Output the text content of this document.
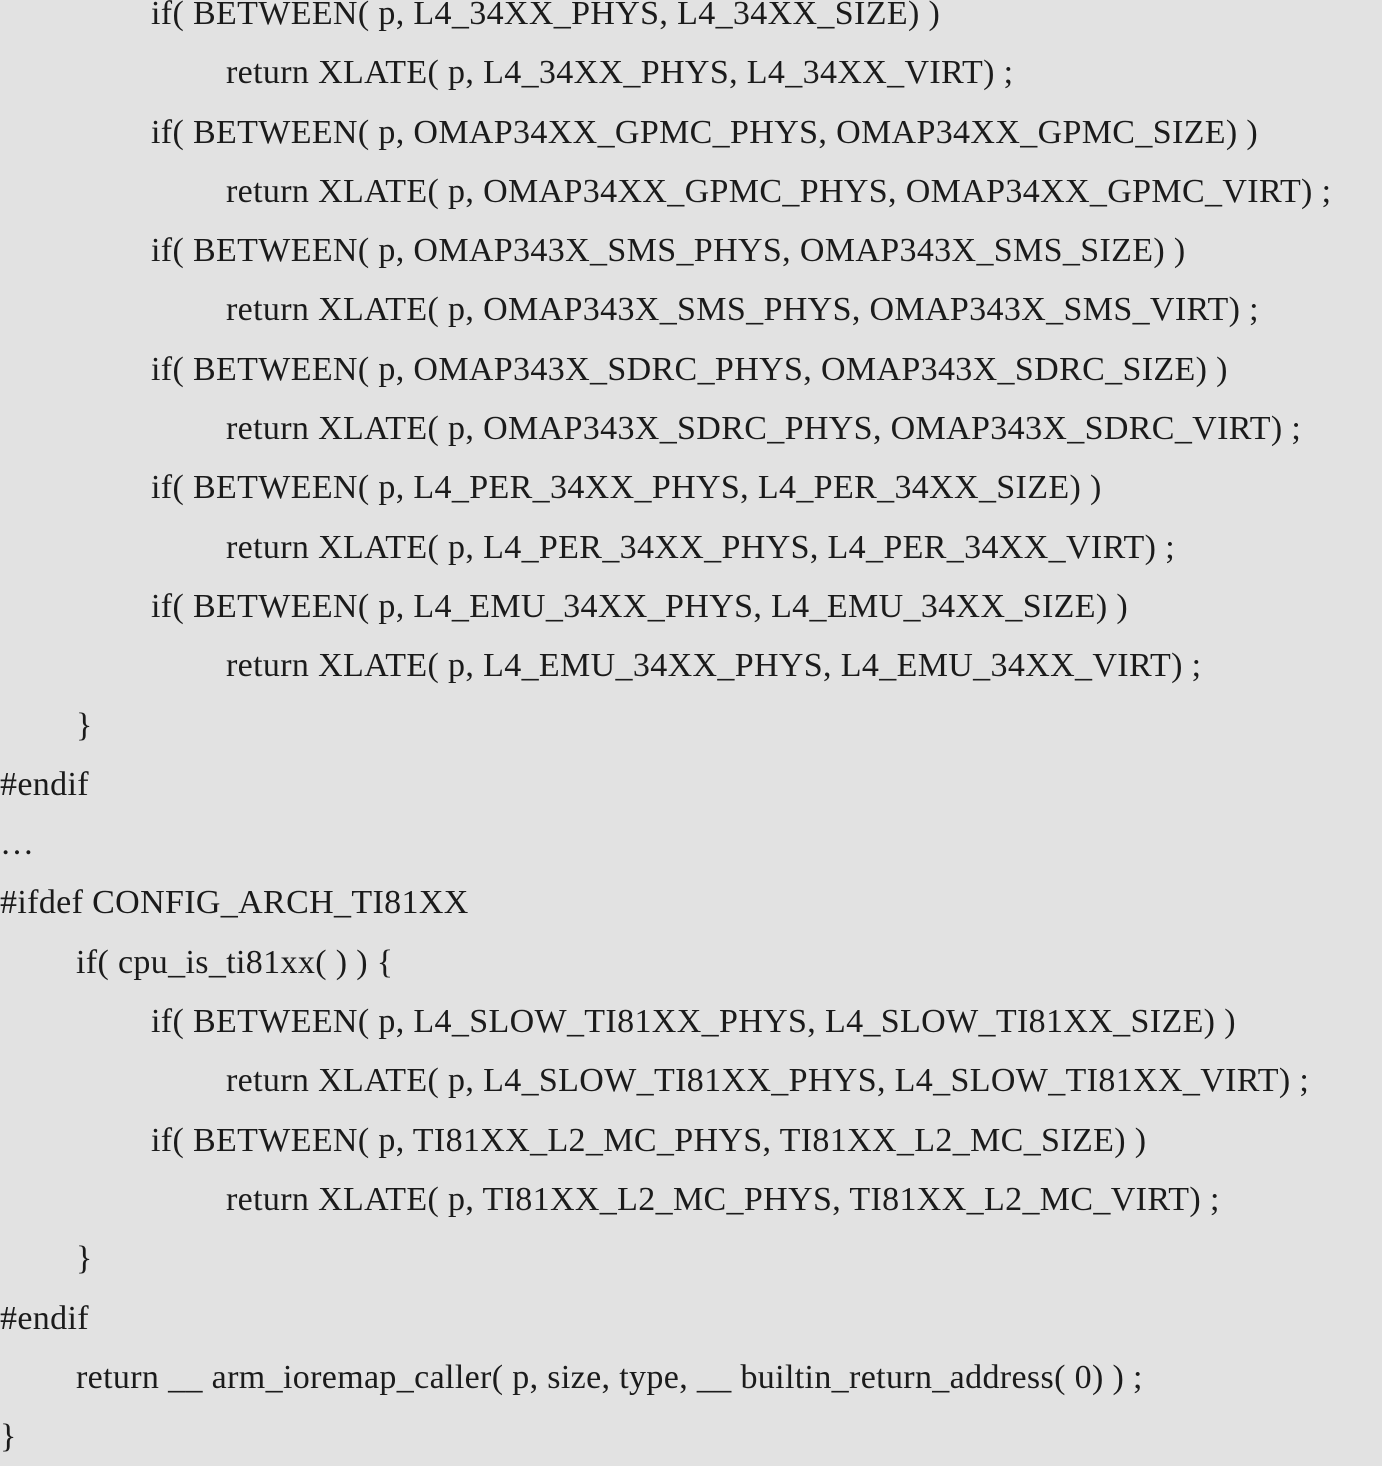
if( BETWEEN( p, L4_34XX_PHYS, L4_34XX_SIZE) )
return XLATE( p, L4_34XX_PHYS, L4_34XX_VIRT) ;
if( BETWEEN( p, OMAP34XX_GPMC_PHYS, OMAP34XX_GPMC_SIZE) )
return XLATE( p, OMAP34XX_GPMC_PHYS, OMAP34XX_GPMC_VIRT) ;
if( BETWEEN( p, OMAP343X_SMS_PHYS, OMAP343X_SMS_SIZE) )
return XLATE( p, OMAP343X_SMS_PHYS, OMAP343X_SMS_VIRT) ;
if( BETWEEN( p, OMAP343X_SDRC_PHYS, OMAP343X_SDRC_SIZE) )
return XLATE( p, OMAP343X_SDRC_PHYS, OMAP343X_SDRC_VIRT) ;
if( BETWEEN( p, L4_PER_34XX_PHYS, L4_PER_34XX_SIZE) )
return XLATE( p, L4_PER_34XX_PHYS, L4_PER_34XX_VIRT) ;
if( BETWEEN( p, L4_EMU_34XX_PHYS, L4_EMU_34XX_SIZE) )
return XLATE( p, L4_EMU_34XX_PHYS, L4_EMU_34XX_VIRT) ;
}
#endif
…
#ifdef CONFIG_ARCH_TI81XX
if( cpu_is_ti81xx( ) ) {
if( BETWEEN( p, L4_SLOW_TI81XX_PHYS, L4_SLOW_TI81XX_SIZE) )
return XLATE( p, L4_SLOW_TI81XX_PHYS, L4_SLOW_TI81XX_VIRT) ;
if( BETWEEN( p, TI81XX_L2_MC_PHYS, TI81XX_L2_MC_SIZE) )
return XLATE( p, TI81XX_L2_MC_PHYS, TI81XX_L2_MC_VIRT) ;
}
#endif
return __ arm_ioremap_caller( p, size, type, __ builtin_return_address( 0) ) ;
}
